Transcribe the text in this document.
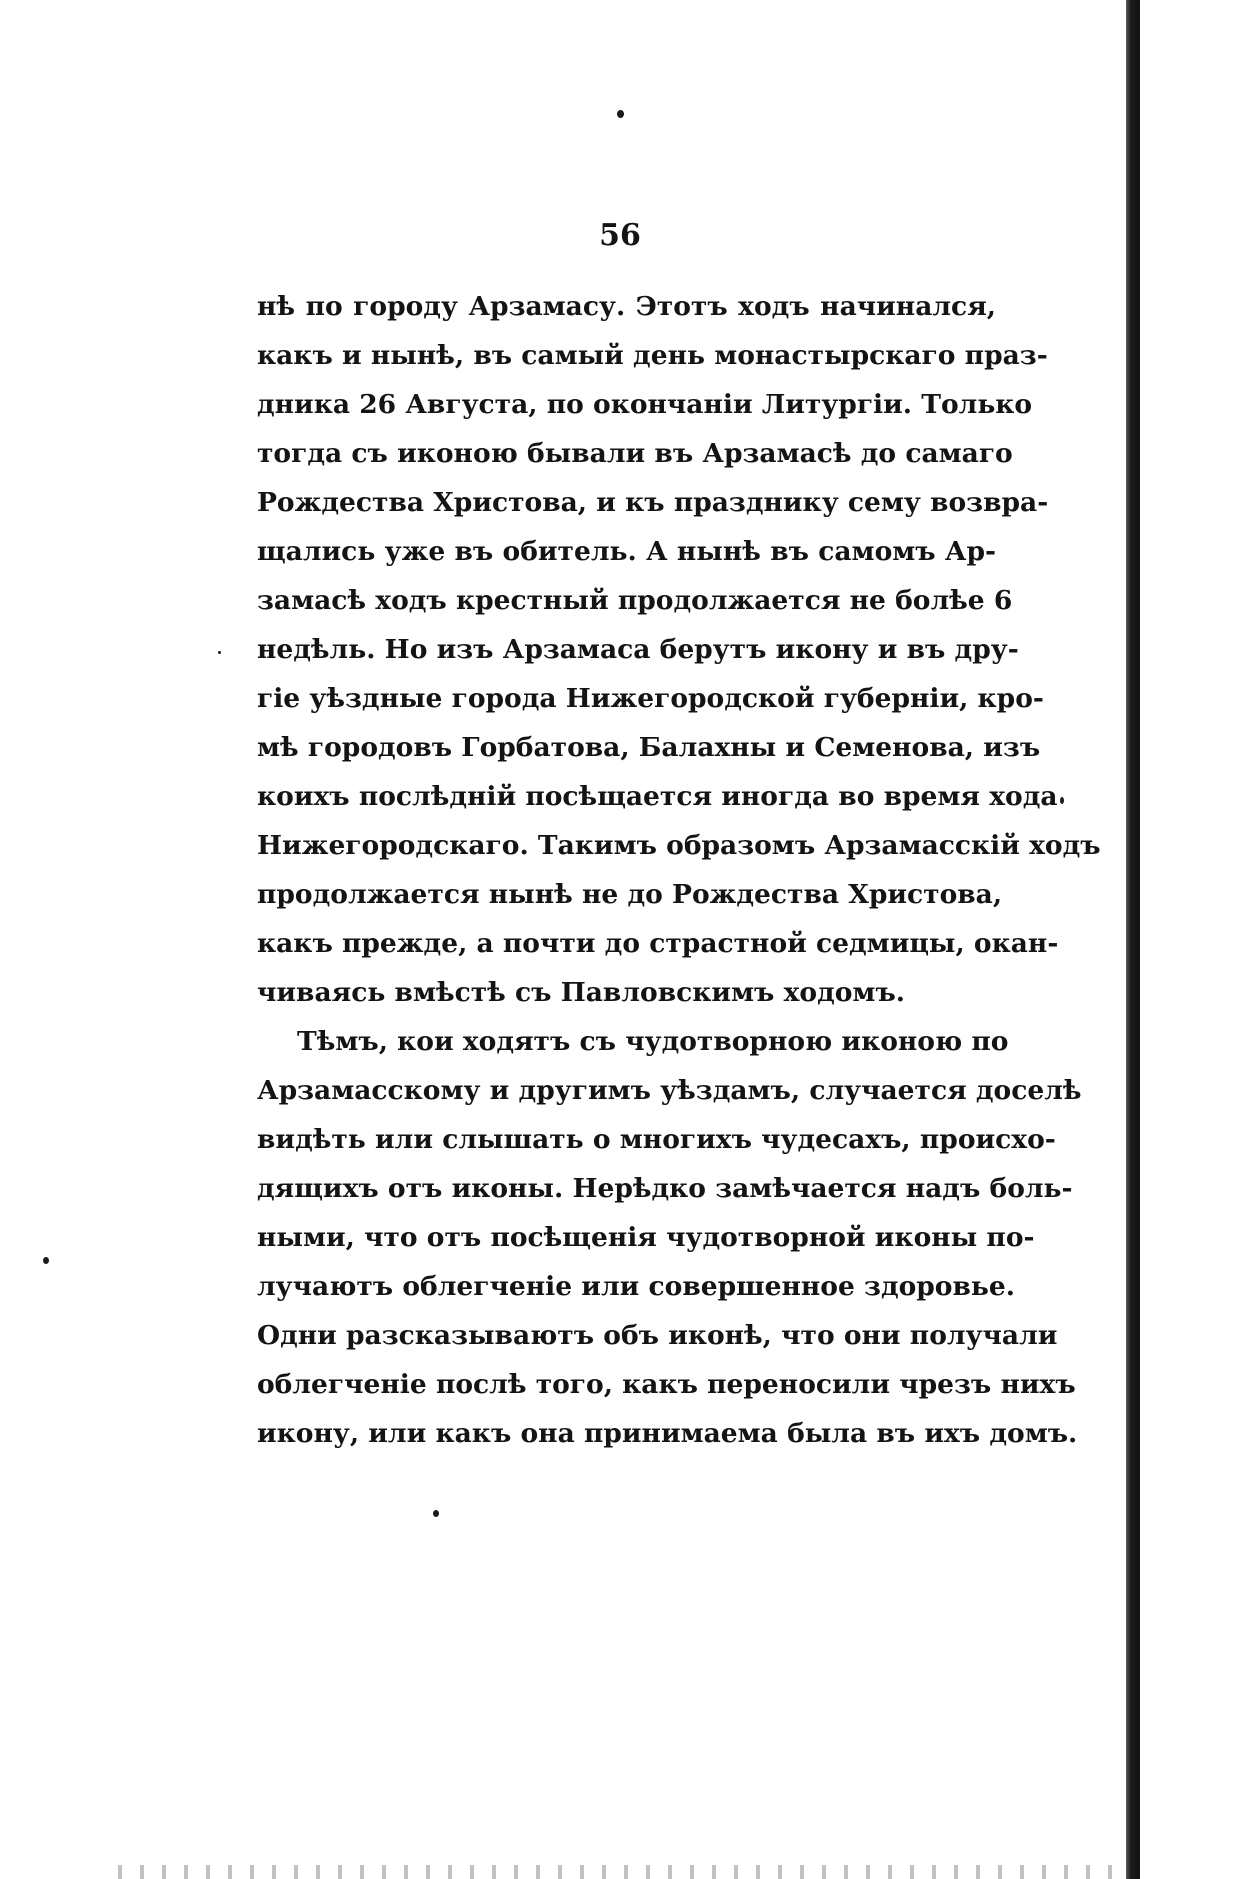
56
нѣ по городу Арзамасу. Этотъ ходъ начинался,
какъ и нынѣ, въ самый день монастырскаго праз-
дника 26 Августа, по окончаніи Литургіи. Только
тогда съ иконою бывали въ Арзамасѣ до самаго
Рождества Христова, и къ празднику сему возвра-
щались уже въ обитель. А нынѣ въ самомъ Ар-
замасѣ ходъ крестный продолжается не болѣе 6
недѣль. Но изъ Арзамаса берутъ икону и въ дру-
гіе уѣздные города Нижегородской губерніи, кро-
мѣ городовъ Горбатова, Балахны и Семенова, изъ
коихъ послѣдній посѣщается иногда во время хода
Нижегородскаго. Такимъ образомъ Арзамасскій ходъ
продолжается нынѣ не до Рождества Христова,
какъ прежде, а почти до страстной седмицы, окан-
чиваясь вмѣстѣ съ Павловскимъ ходомъ.
Тѣмъ, кои ходятъ съ чудотворною иконою по
Арзамасскому и другимъ уѣздамъ, случается доселѣ
видѣть или слышать о многихъ чудесахъ, происхо-
дящихъ отъ иконы. Нерѣдко замѣчается надъ боль-
ными, что отъ посѣщенія чудотворной иконы по-
лучаютъ облегченіе или совершенное здоровье.
Одни разсказываютъ объ иконѣ, что они получали
облегченіе послѣ того, какъ переносили чрезъ нихъ
икону, или какъ она принимаема была въ ихъ домъ.
